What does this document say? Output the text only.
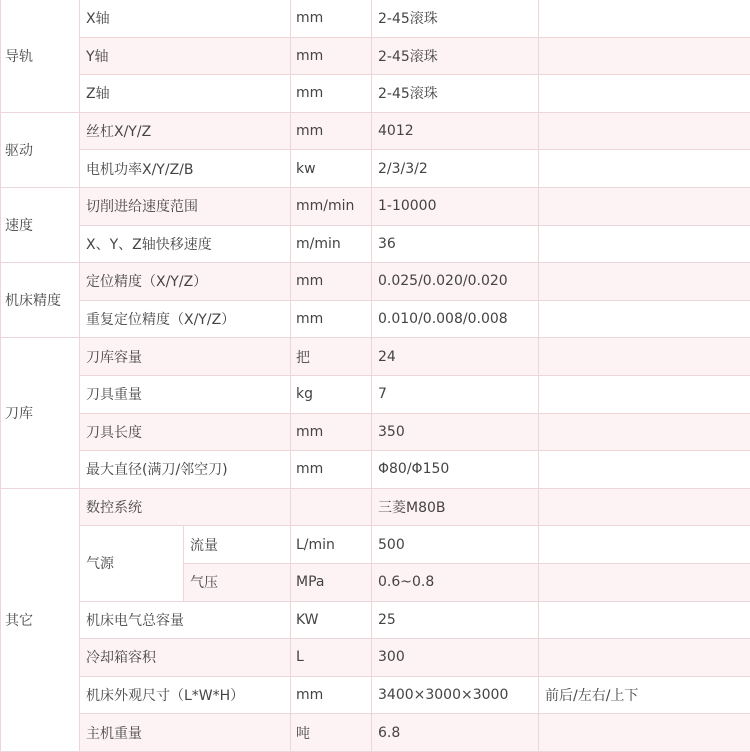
导轨	X轴		mm	2-45滚珠	
	Y轴		mm	2-45滚珠	
	Z轴		mm	2-45滚珠	
驱动	丝杠X/Y/Z		mm	4012	
	电机功率X/Y/Z/B		kw	2/3/3/2	
速度	切削进给速度范围		mm/min	1-10000	
	X、Y、Z轴快移速度		m/min	36	
机床精度	定位精度（X/Y/Z）		mm	0.025/0.020/0.020	
	重复定位精度（X/Y/Z）		mm	0.010/0.008/0.008	
刀库	刀库容量		把	24	
	刀具重量		kg	7	
	刀具长度		mm	350	
	最大直径(满刀/邻空刀)		mm	Φ80/Φ150	
其它	数控系统			三菱M80B	
	气源	流量	L/min	500	
		气压	MPa	0.6~0.8	
	机床电气总容量		KW	25	
	冷却箱容积		L	300	
	机床外观尺寸（L*W*H）		mm	3400×3000×3000	前后/左右/上下
	主机重量		吨	6.8	
